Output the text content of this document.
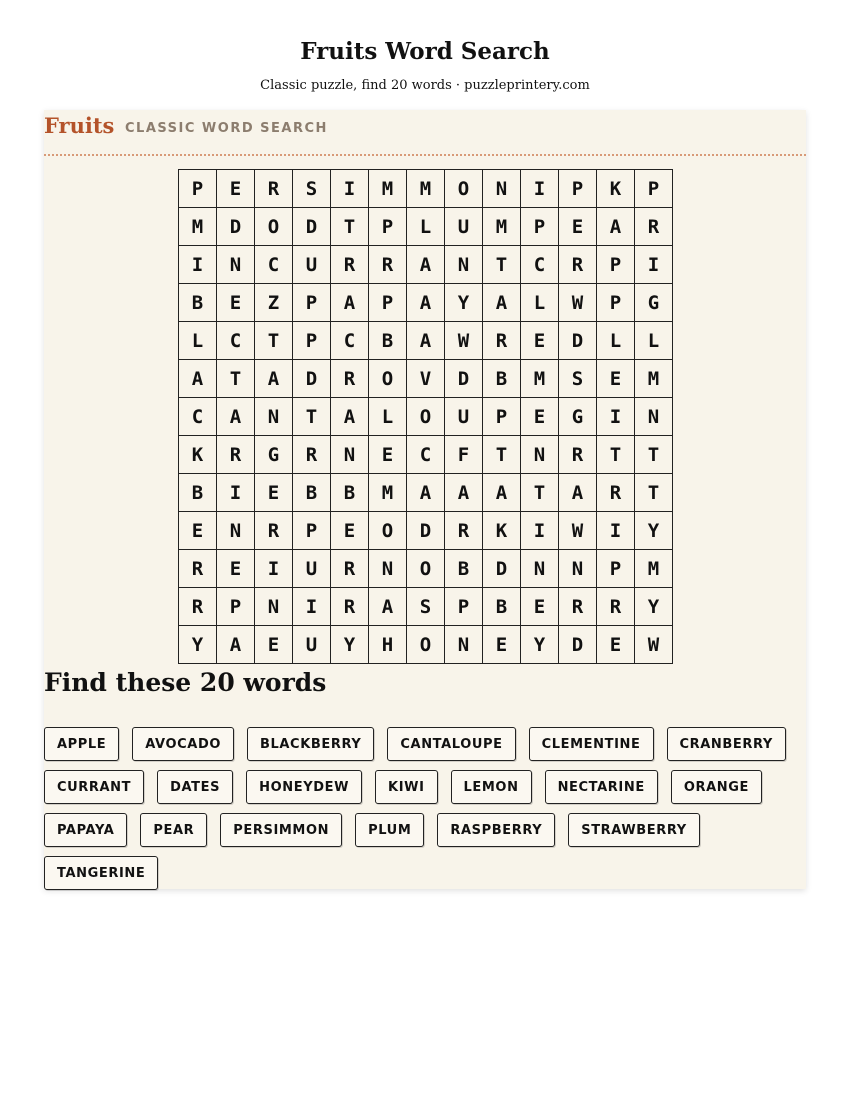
Fruits Word Search
Classic puzzle, find 20 words · puzzleprintery.com
Fruits CLASSIC WORD SEARCH
P	E	R	S	I	M	M	O	N	I	P	K	P
M	D	O	D	T	P	L	U	M	P	E	A	R
I	N	C	U	R	R	A	N	T	C	R	P	I
B	E	Z	P	A	P	A	Y	A	L	W	P	G
L	C	T	P	C	B	A	W	R	E	D	L	L
A	T	A	D	R	O	V	D	B	M	S	E	M
C	A	N	T	A	L	O	U	P	E	G	I	N
K	R	G	R	N	E	C	F	T	N	R	T	T
B	I	E	B	B	M	A	A	A	T	A	R	T
E	N	R	P	E	O	D	R	K	I	W	I	Y
R	E	I	U	R	N	O	B	D	N	N	P	M
R	P	N	I	R	A	S	P	B	E	R	R	Y
Y	A	E	U	Y	H	O	N	E	Y	D	E	W
Find these 20 words
APPLE	AVOCADO	BLACKBERRY	CANTALOUPE	CLEMENTINE	CRANBERRY
CURRANT	DATES	HONEYDEW	KIWI	LEMON	NECTARINE	ORANGE
PAPAYA	PEAR	PERSIMMON	PLUM	RASPBERRY	STRAWBERRY
TANGERINE
